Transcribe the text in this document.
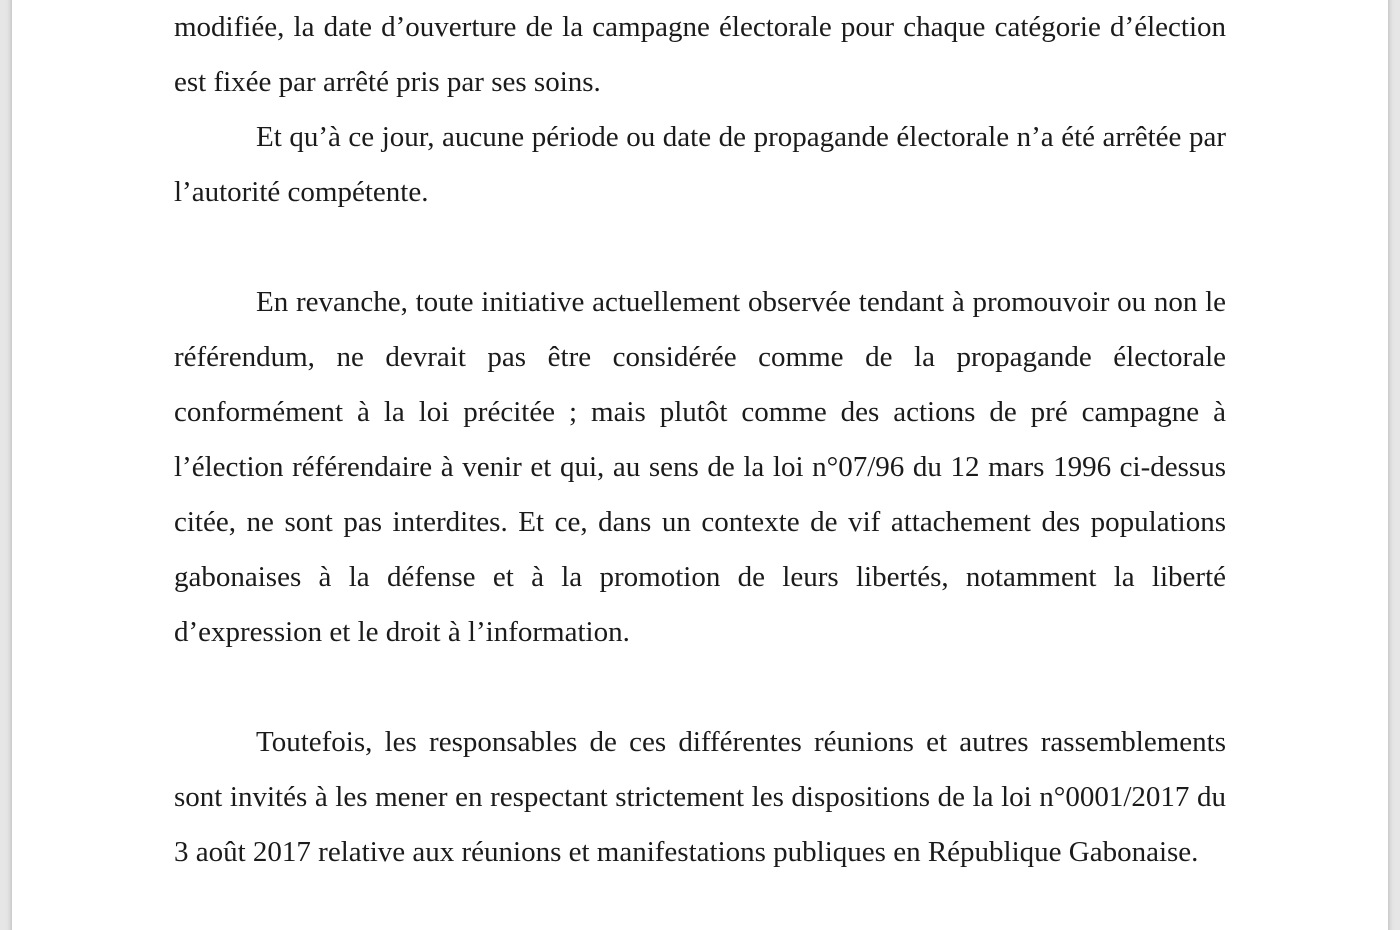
modifiée, la date d’ouverture de la campagne électorale pour chaque catégorie d’élection est fixée par arrêté pris par ses soins.

Et qu’à ce jour, aucune période ou date de propagande électorale n’a été arrêtée par l’autorité compétente.

En revanche, toute initiative actuellement observée tendant à promouvoir ou non le référendum, ne devrait pas être considérée comme de la propagande électorale conformément à la loi précitée ; mais plutôt comme des actions de pré campagne à l’élection référendaire à venir et qui, au sens de la loi n°07/96 du 12 mars 1996 ci-dessus citée, ne sont pas interdites. Et ce, dans un contexte de vif attachement des populations gabonaises à la défense et à la promotion de leurs libertés, notamment la liberté d’expression et le droit à l’information.

Toutefois, les responsables de ces différentes réunions et autres rassemblements sont invités à les mener en respectant strictement les dispositions de la loi n°0001/2017 du 3 août 2017 relative aux réunions et manifestations publiques en République Gabonaise.
